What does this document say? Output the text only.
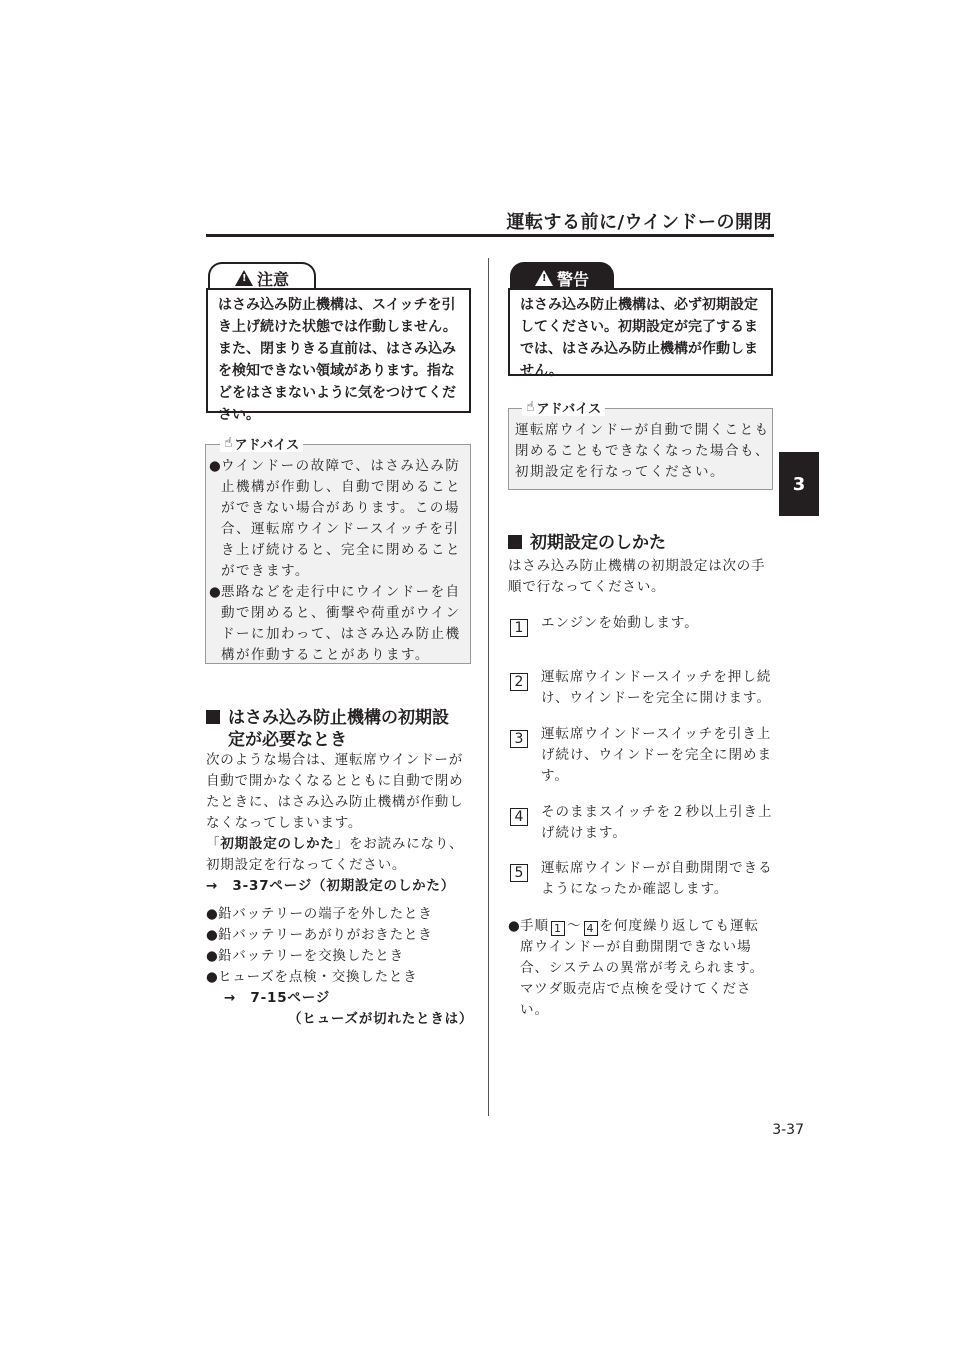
運転する前に/ウインドーの開閉
3
3-37
!
注意
はさみ込み防止機構は、スイッチを引
き上げ続けた状態では作動しません。
また、閉まりきる直前は、はさみ込み
を検知できない領域があります。指な
どをはさまないように気をつけてくだ
さい。
☝ アドバイス
●
ウインドーの故障で、はさみ込み防
止機構が作動し、自動で閉めること
ができない場合があります。この場
合、運転席ウインドースイッチを引
き上げ続けると、完全に閉めること
ができます。
●
悪路などを走行中にウインドーを自
動で閉めると、衝撃や荷重がウイン
ドーに加わって、はさみ込み防止機
構が作動することがあります。
はさみ込み防止機構の初期設
定が必要なとき
次のような場合は、運転席ウインドーが
自動で開かなくなるとともに自動で閉め
たときに、はさみ込み防止機構が作動し
なくなってしまいます。
「初期設定のしかた」をお読みになり、
初期設定を行なってください。
→　3-37ページ（初期設定のしかた）
● 鉛バッテリーの端子を外したとき
● 鉛バッテリーあがりがおきたとき
● 鉛バッテリーを交換したとき
● ヒューズを点検・交換したとき
→　7-15ページ
（ヒューズが切れたときは）
!
警告
はさみ込み防止機構は、必ず初期設定
してください。初期設定が完了するま
では、はさみ込み防止機構が作動しま
せん。
☝ アドバイス
運転席ウインドーが自動で開くことも
閉めることもできなくなった場合も、
初期設定を行なってください。
初期設定のしかた
はさみ込み防止機構の初期設定は次の手
順で行なってください。
1	エンジンを始動します。
2	運転席ウインドースイッチを押し続
け、ウインドーを完全に開けます。
3	運転席ウインドースイッチを引き上
げ続け、ウインドーを完全に閉めま
す。
4	そのままスイッチを２秒以上引き上
げ続けます。
5	運転席ウインドーが自動開閉できる
ようになったか確認します。
● 手順 1 ～ 4 を何度繰り返しても運転
席ウインドーが自動開閉できない場
合、システムの異常が考えられます。
マツダ販売店で点検を受けてくださ
い。
